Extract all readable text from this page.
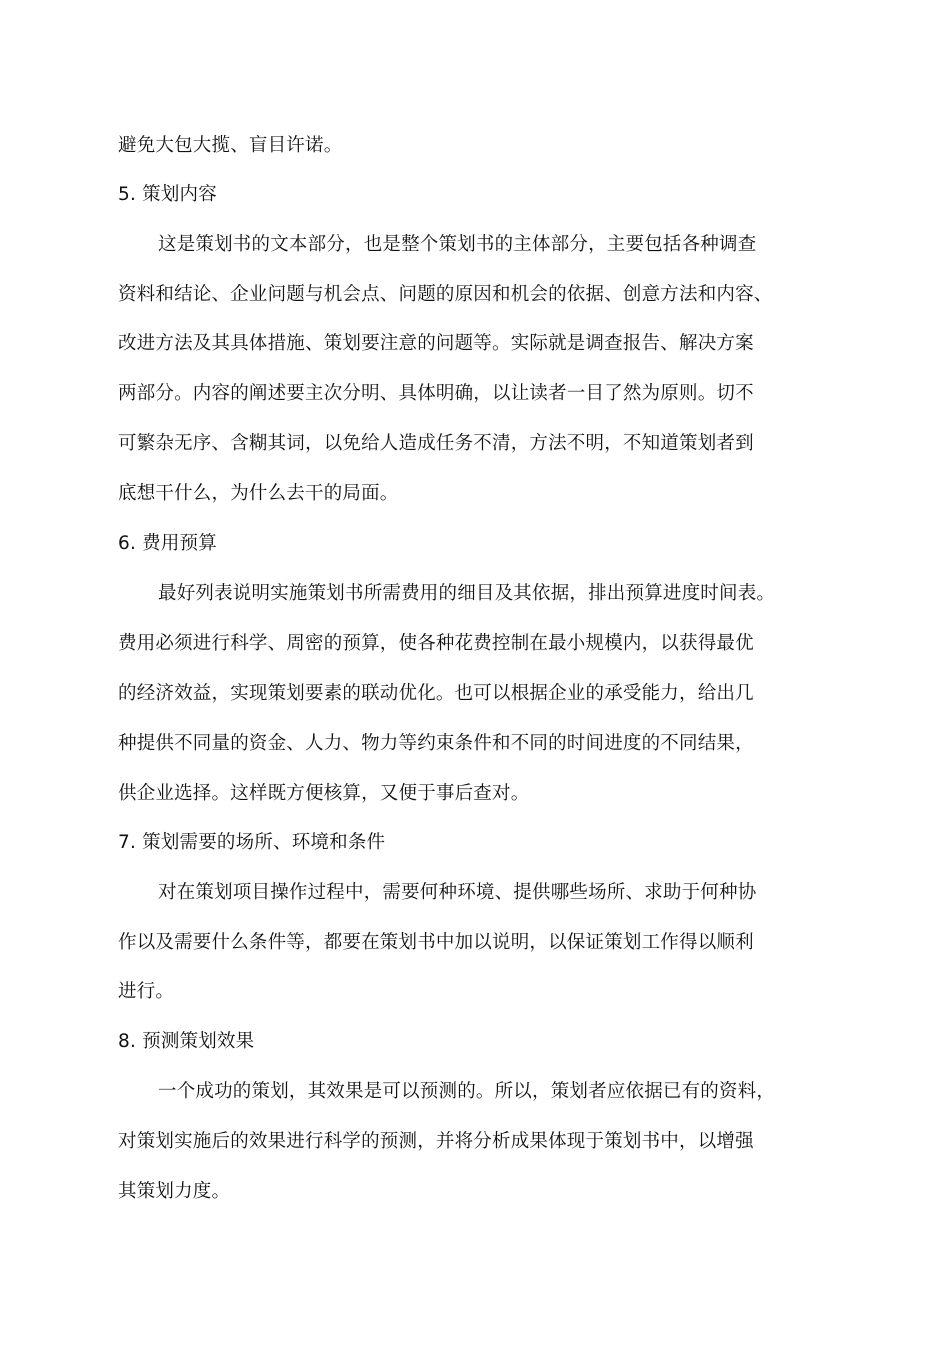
避免大包大揽、盲目许诺。
5. 策划内容
这是策划书的文本部分，也是整个策划书的主体部分，主要包括各种调查
资料和结论、企业问题与机会点、问题的原因和机会的依据、创意方法和内容、
改进方法及其具体措施、策划要注意的问题等。实际就是调查报告、解决方案
两部分。内容的阐述要主次分明、具体明确，以让读者一目了然为原则。切不
可繁杂无序、含糊其词，以免给人造成任务不清，方法不明，不知道策划者到
底想干什么，为什么去干的局面。
6. 费用预算
最好列表说明实施策划书所需费用的细目及其依据，排出预算进度时间表。
费用必须进行科学、周密的预算，使各种花费控制在最小规模内，以获得最优
的经济效益，实现策划要素的联动优化。也可以根据企业的承受能力，给出几
种提供不同量的资金、人力、物力等约束条件和不同的时间进度的不同结果，
供企业选择。这样既方便核算，又便于事后查对。
7. 策划需要的场所、环境和条件
对在策划项目操作过程中，需要何种环境、提供哪些场所、求助于何种协
作以及需要什么条件等，都要在策划书中加以说明，以保证策划工作得以顺利
进行。
8. 预测策划效果
一个成功的策划，其效果是可以预测的。所以，策划者应依据已有的资料，
对策划实施后的效果进行科学的预测，并将分析成果体现于策划书中，以增强
其策划力度。
